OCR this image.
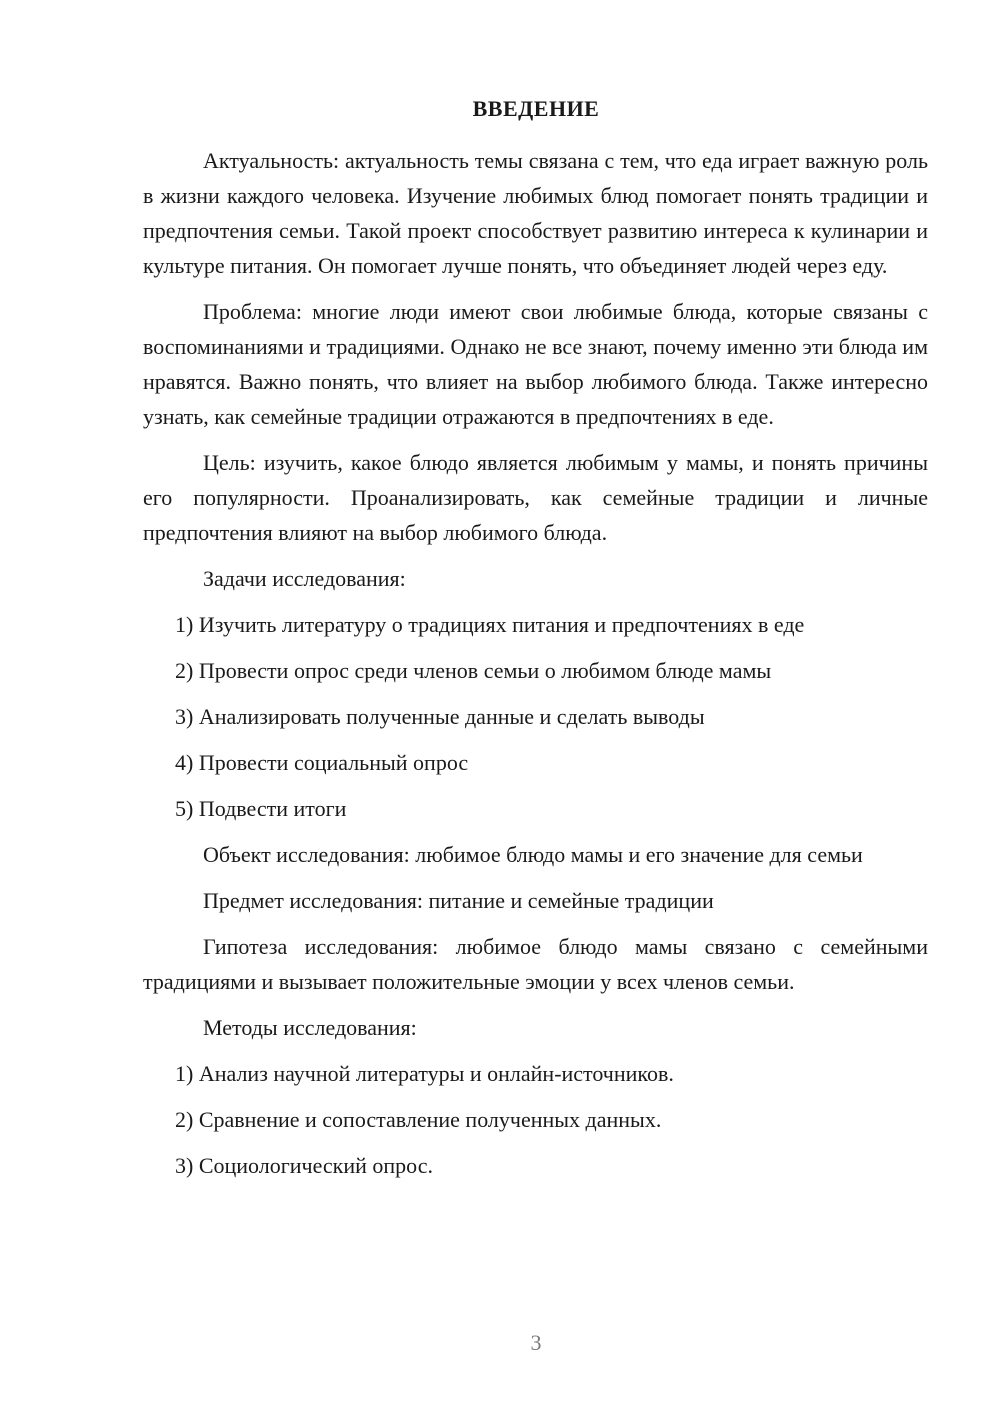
ВВЕДЕНИЕ

Актуальность: актуальность темы связана с тем, что еда играет важную роль в жизни каждого человека. Изучение любимых блюд помогает понять традиции и предпочтения семьи. Такой проект способствует развитию интереса к кулинарии и культуре питания. Он помогает лучше понять, что объединяет людей через еду.

Проблема: многие люди имеют свои любимые блюда, которые связаны с воспоминаниями и традициями. Однако не все знают, почему именно эти блюда им нравятся. Важно понять, что влияет на выбор любимого блюда. Также интересно узнать, как семейные традиции отражаются в предпочтениях в еде.

Цель: изучить, какое блюдо является любимым у мамы, и понять причины его популярности. Проанализировать, как семейные традиции и личные предпочтения влияют на выбор любимого блюда.

Задачи исследования:

1) Изучить литературу о традициях питания и предпочтениях в еде
2) Провести опрос среди членов семьи о любимом блюде мамы
3) Анализировать полученные данные и сделать выводы
4) Провести социальный опрос
5) Подвести итоги

Объект исследования: любимое блюдо мамы и его значение для семьи

Предмет исследования: питание и семейные традиции

Гипотеза исследования: любимое блюдо мамы связано с семейными традициями и вызывает положительные эмоции у всех членов семьи.

Методы исследования:

1) Анализ научной литературы и онлайн-источников.
2) Сравнение и сопоставление полученных данных.
3) Социологический опрос.
3
